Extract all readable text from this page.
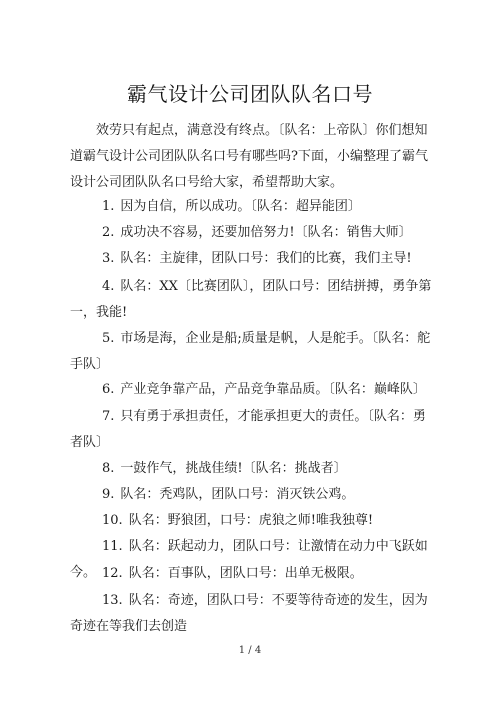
霸气设计公司团队队名口号
效劳只有起点，满意没有终点。〔队名：上帝队〕你们想知道霸气设计公司团队队名口号有哪些吗?下面，小编整理了霸气设计公司团队队名口号给大家，希望帮助大家。
1. 因为自信，所以成功。〔队名：超异能团〕
2. 成功决不容易，还要加倍努力!〔队名：销售大师〕
3. 队名：主旋律，团队口号：我们的比赛，我们主导!
4. 队名：XX〔比赛团队〕，团队口号：团结拼搏，勇争第一，我能!
5. 市场是海，企业是船;质量是帆，人是舵手。〔队名：舵手队〕
6. 产业竞争靠产品，产品竞争靠品质。〔队名：巅峰队〕
7. 只有勇于承担责任，才能承担更大的责任。〔队名：勇者队〕
8. 一鼓作气，挑战佳绩!〔队名：挑战者〕
9. 队名：秃鸡队，团队口号：消灭铁公鸡。
10. 队名：野狼团，口号：虎狼之师!唯我独尊!
11. 队名：跃起动力，团队口号：让激情在动力中飞跃如今。 12. 队名：百事队，团队口号：出单无极限。
13. 队名：奇迹，团队口号：不要等待奇迹的发生，因为奇迹在等我们去创造
1 / 4
